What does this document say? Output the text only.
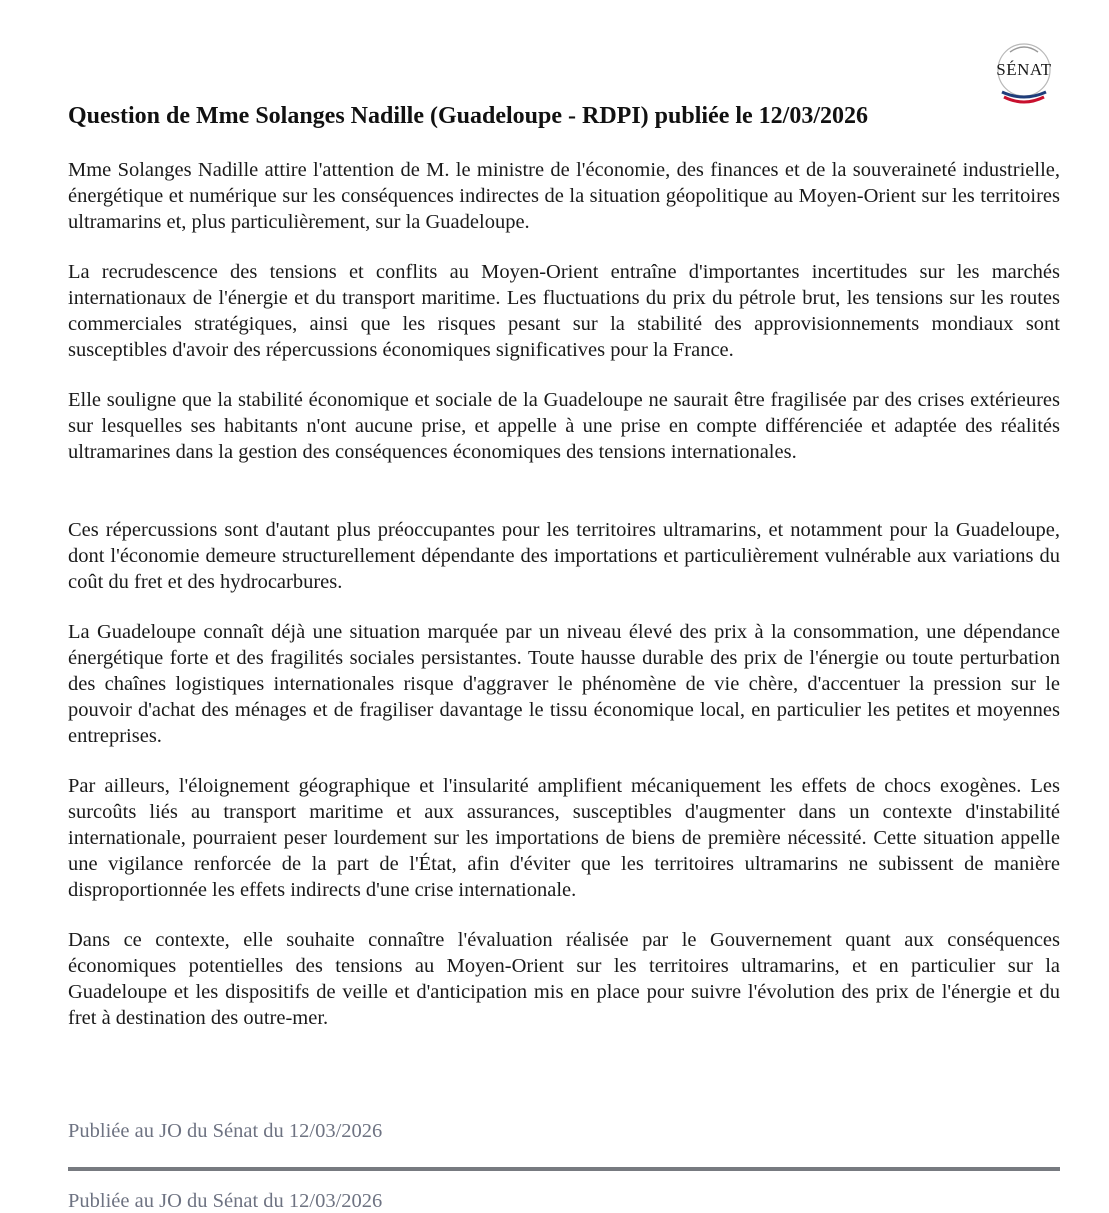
SÉNAT
Question de Mme Solanges Nadille (Guadeloupe - RDPI) publiée le 12/03/2026

Mme Solanges Nadille attire l'attention de M. le ministre de l'économie, des finances et de la souveraineté industrielle, énergétique et numérique sur les conséquences indirectes de la situation géopolitique au Moyen-Orient sur les territoires ultramarins et, plus particulièrement, sur la Guadeloupe.

La recrudescence des tensions et conflits au Moyen-Orient entraîne d'importantes incertitudes sur les marchés internationaux de l'énergie et du transport maritime. Les fluctuations du prix du pétrole brut, les tensions sur les routes commerciales stratégiques, ainsi que les risques pesant sur la stabilité des approvisionnements mondiaux sont susceptibles d'avoir des répercussions économiques significatives pour la France.

Elle souligne que la stabilité économique et sociale de la Guadeloupe ne saurait être fragilisée par des crises extérieures sur lesquelles ses habitants n'ont aucune prise, et appelle à une prise en compte différenciée et adaptée des réalités ultramarines dans la gestion des conséquences économiques des tensions internationales.

Ces répercussions sont d'autant plus préoccupantes pour les territoires ultramarins, et notamment pour la Guadeloupe, dont l'économie demeure structurellement dépendante des importations et particulièrement vulnérable aux variations du coût du fret et des hydrocarbures.

La Guadeloupe connaît déjà une situation marquée par un niveau élevé des prix à la consommation, une dépendance énergétique forte et des fragilités sociales persistantes. Toute hausse durable des prix de l'énergie ou toute perturbation des chaînes logistiques internationales risque d'aggraver le phénomène de vie chère, d'accentuer la pression sur le pouvoir d'achat des ménages et de fragiliser davantage le tissu économique local, en particulier les petites et moyennes entreprises.

Par ailleurs, l'éloignement géographique et l'insularité amplifient mécaniquement les effets de chocs exogènes. Les surcoûts liés au transport maritime et aux assurances, susceptibles d'augmenter dans un contexte d'instabilité internationale, pourraient peser lourdement sur les importations de biens de première nécessité. Cette situation appelle une vigilance renforcée de la part de l'État, afin d'éviter que les territoires ultramarins ne subissent de manière disproportionnée les effets indirects d'une crise internationale.

Dans ce contexte, elle souhaite connaître l'évaluation réalisée par le Gouvernement quant aux conséquences économiques potentielles des tensions au Moyen-Orient sur les territoires ultramarins, et en particulier sur la Guadeloupe et les dispositifs de veille et d'anticipation mis en place pour suivre l'évolution des prix de l'énergie et du fret à destination des outre-mer.

Publiée au JO du Sénat du 12/03/2026

Publiée au JO du Sénat du 12/03/2026
